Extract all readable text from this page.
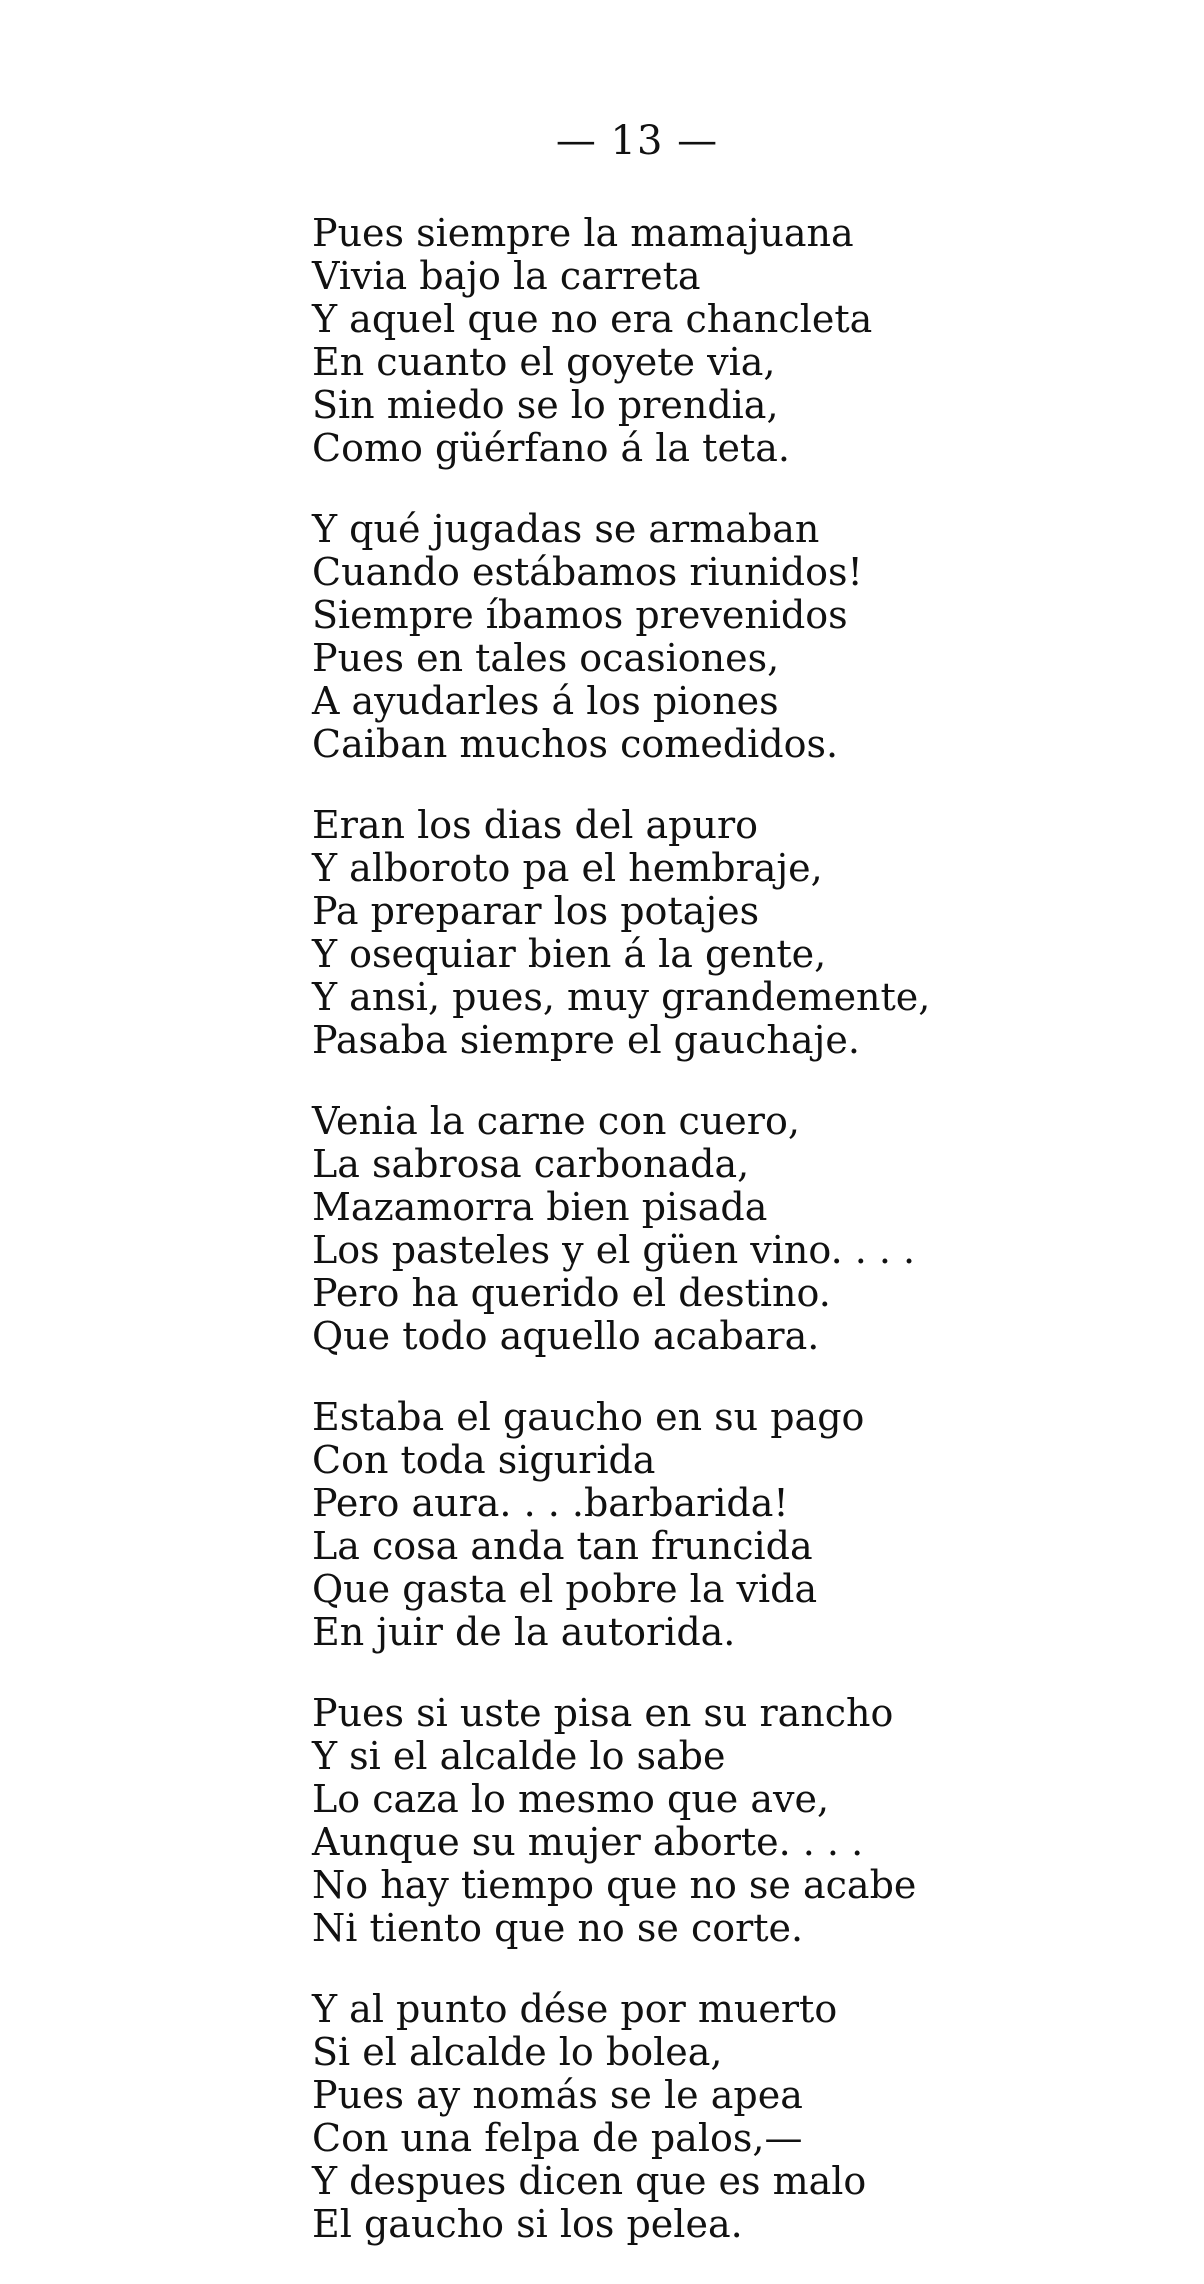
— 13 —
Pues siempre la mamajuana
Vivia bajo la carreta
Y aquel que no era chancleta
En cuanto el goyete via,
Sin miedo se lo prendia,
Como güérfano á la teta.
Y qué jugadas se armaban
Cuando estábamos riunidos!
Siempre íbamos prevenidos
Pues en tales ocasiones,
A ayudarles á los piones
Caiban muchos comedidos.
Eran los dias del apuro
Y alboroto pa el hembraje,
Pa preparar los potajes
Y osequiar bien á la gente,
Y ansi, pues, muy grandemente,
Pasaba siempre el gauchaje.
Venia la carne con cuero,
La sabrosa carbonada,
Mazamorra bien pisada
Los pasteles y el güen vino. . . .
Pero ha querido el destino.
Que todo aquello acabara.
Estaba el gaucho en su pago
Con toda sigurida
Pero aura. . . .barbarida!
La cosa anda tan fruncida
Que gasta el pobre la vida
En juir de la autorida.
Pues si uste pisa en su rancho
Y si el alcalde lo sabe
Lo caza lo mesmo que ave,
Aunque su mujer aborte. . . .
No hay tiempo que no se acabe
Ni tiento que no se corte.
Y al punto dése por muerto
Si el alcalde lo bolea,
Pues ay nomás se le apea
Con una felpa de palos,—
Y despues dicen que es malo
El gaucho si los pelea.
